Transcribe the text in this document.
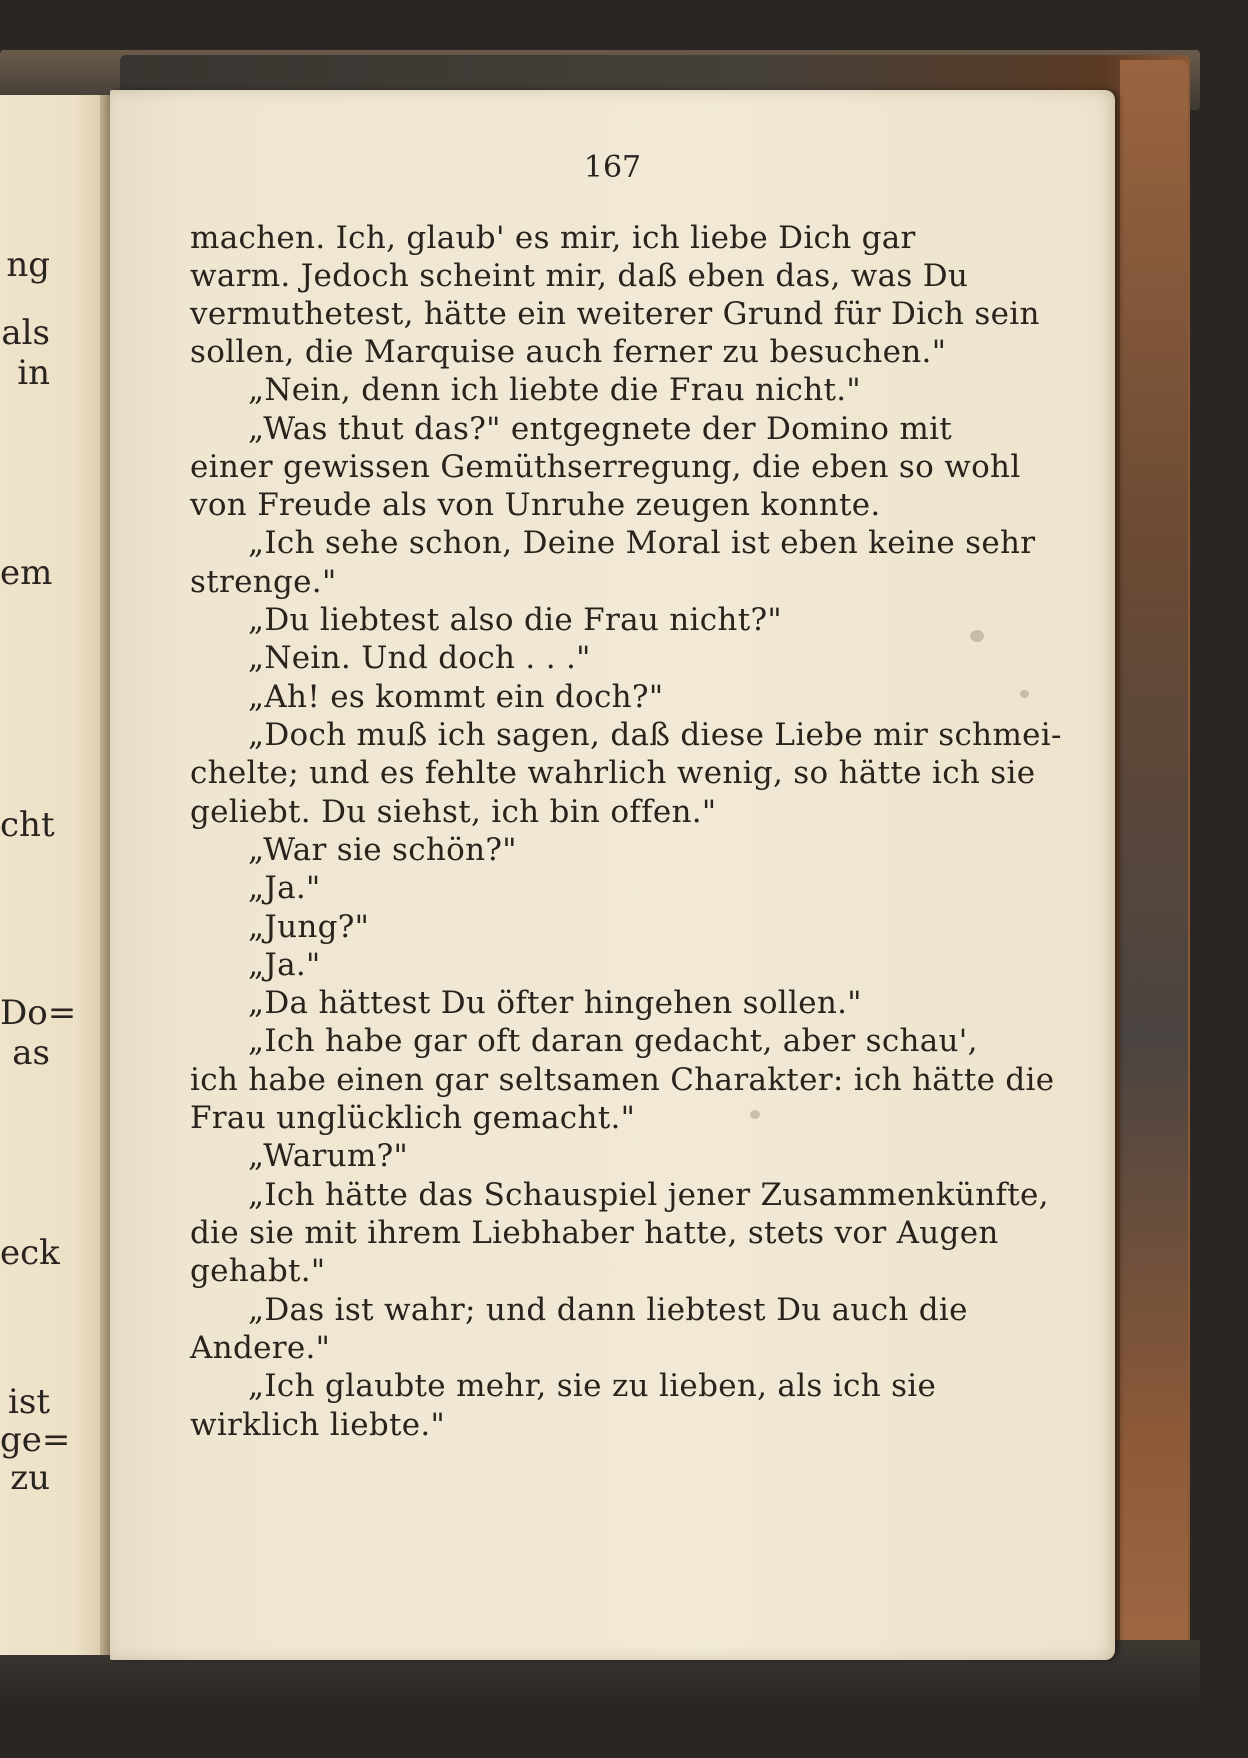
ng
als
in
em
cht
Do=
as
eck
ist
ge=
zu
167
machen. Ich, glaub' es mir, ich liebe Dich gar
warm. Jedoch scheint mir, daß eben das, was Du
vermuthetest, hätte ein weiterer Grund für Dich sein
sollen, die Marquise auch ferner zu besuchen."
„Nein, denn ich liebte die Frau nicht."
„Was thut das?" entgegnete der Domino mit
einer gewissen Gemüthserregung, die eben so wohl
von Freude als von Unruhe zeugen konnte.
„Ich sehe schon, Deine Moral ist eben keine sehr
strenge."
„Du liebtest also die Frau nicht?"
„Nein. Und doch . . ."
„Ah! es kommt ein doch?"
„Doch muß ich sagen, daß diese Liebe mir schmei-
chelte; und es fehlte wahrlich wenig, so hätte ich sie
geliebt. Du siehst, ich bin offen."
„War sie schön?"
„Ja."
„Jung?"
„Ja."
„Da hättest Du öfter hingehen sollen."
„Ich habe gar oft daran gedacht, aber schau',
ich habe einen gar seltsamen Charakter: ich hätte die
Frau unglücklich gemacht."
„Warum?"
„Ich hätte das Schauspiel jener Zusammenkünfte,
die sie mit ihrem Liebhaber hatte, stets vor Augen
gehabt."
„Das ist wahr; und dann liebtest Du auch die
Andere."
„Ich glaubte mehr, sie zu lieben, als ich sie
wirklich liebte."
